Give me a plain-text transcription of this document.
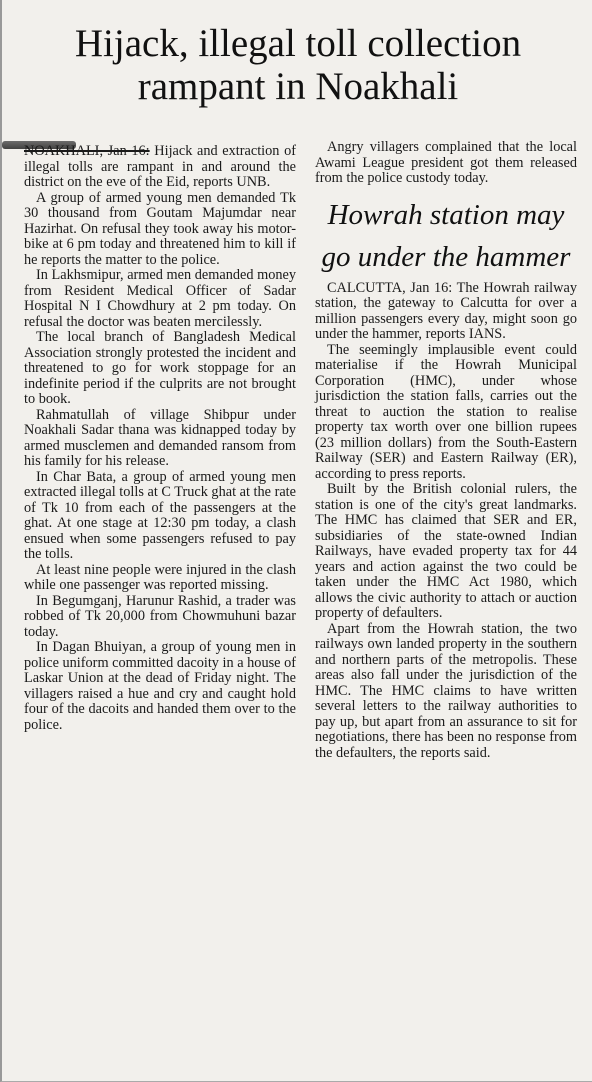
Hijack, illegal toll collection rampant in Noakhali

NOAKHALI, Jan 16: Hijack and extraction of illegal tolls are rampant in and around the district on the eve of the Eid, reports UNB.

A group of armed young men demanded Tk 30 thousand from Goutam Majumdar near Hazirhat. On refusal they took away his motor-bike at 6 pm today and threatened him to kill if he reports the matter to the police.

In Lakhsmipur, armed men demanded money from Resident Medical Officer of Sadar Hospital N I Chowdhury at 2 pm today. On refusal the doctor was beaten mercilessly.

The local branch of Bangladesh Medical Association strongly protested the incident and threatened to go for work stoppage for an indefinite period if the culprits are not brought to book.

Rahmatullah of village Shibpur under Noakhali Sadar thana was kidnapped today by armed musclemen and demanded ransom from his family for his release.

In Char Bata, a group of armed young men extracted illegal tolls at C Truck ghat at the rate of Tk 10 from each of the passengers at the ghat. At one stage at 12:30 pm today, a clash ensued when some passengers refused to pay the tolls.

At least nine people were injured in the clash while one passenger was reported missing.

In Begumganj, Harunur Rashid, a trader was robbed of Tk 20,000 from Chowmuhuni bazar today.

In Dagan Bhuiyan, a group of young men in police uniform committed dacoity in a house of Laskar Union at the dead of Friday night. The villagers raised a hue and cry and caught hold four of the dacoits and handed them over to the police.

Angry villagers complained that the local Awami League president got them released from the police custody today.

Howrah station may go under the hammer

CALCUTTA, Jan 16: The Howrah railway station, the gateway to Calcutta for over a million passengers every day, might soon go under the hammer, reports IANS.

The seemingly implausible event could materialise if the Howrah Municipal Corporation (HMC), under whose jurisdiction the station falls, carries out the threat to auction the station to realise property tax worth over one billion rupees (23 million dollars) from the South-Eastern Railway (SER) and Eastern Railway (ER), according to press reports.

Built by the British colonial rulers, the station is one of the city's great landmarks. The HMC has claimed that SER and ER, subsidiaries of the state-owned Indian Railways, have evaded property tax for 44 years and action against the two could be taken under the HMC Act 1980, which allows the civic authority to attach or auction property of defaulters.

Apart from the Howrah station, the two railways own landed property in the southern and northern parts of the metropolis. These areas also fall under the jurisdiction of the HMC. The HMC claims to have written several letters to the railway authorities to pay up, but apart from an assurance to sit for negotiations, there has been no response from the defaulters, the reports said.
